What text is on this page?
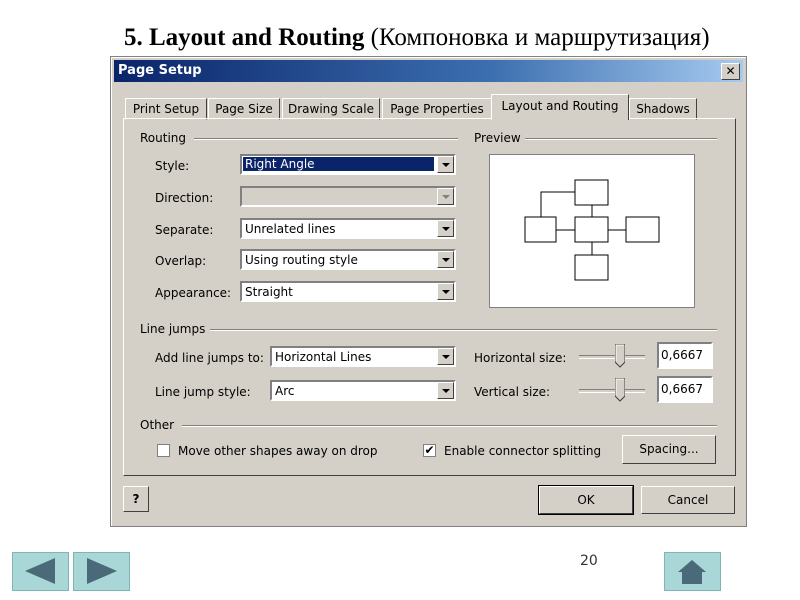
5. Layout and Routing (Компоновка и маршрутизация)
Page Setup	✕
Print Setup	Page Size	Drawing Scale	Page Properties	Layout and Routing	Shadows
Routing
Style:	Right Angle
Direction:
Separate:	Unrelated lines
Overlap:	Using routing style
Appearance: Straight
Preview
Line jumps
Add line jumps to: Horizontal Lines
Line jump style: Arc
Horizontal size:	0,6667
Vertical size:	0,6667
Other
Move other shapes away on drop	✔ Enable connector splitting	Spacing...
?	OK	Cancel
20
